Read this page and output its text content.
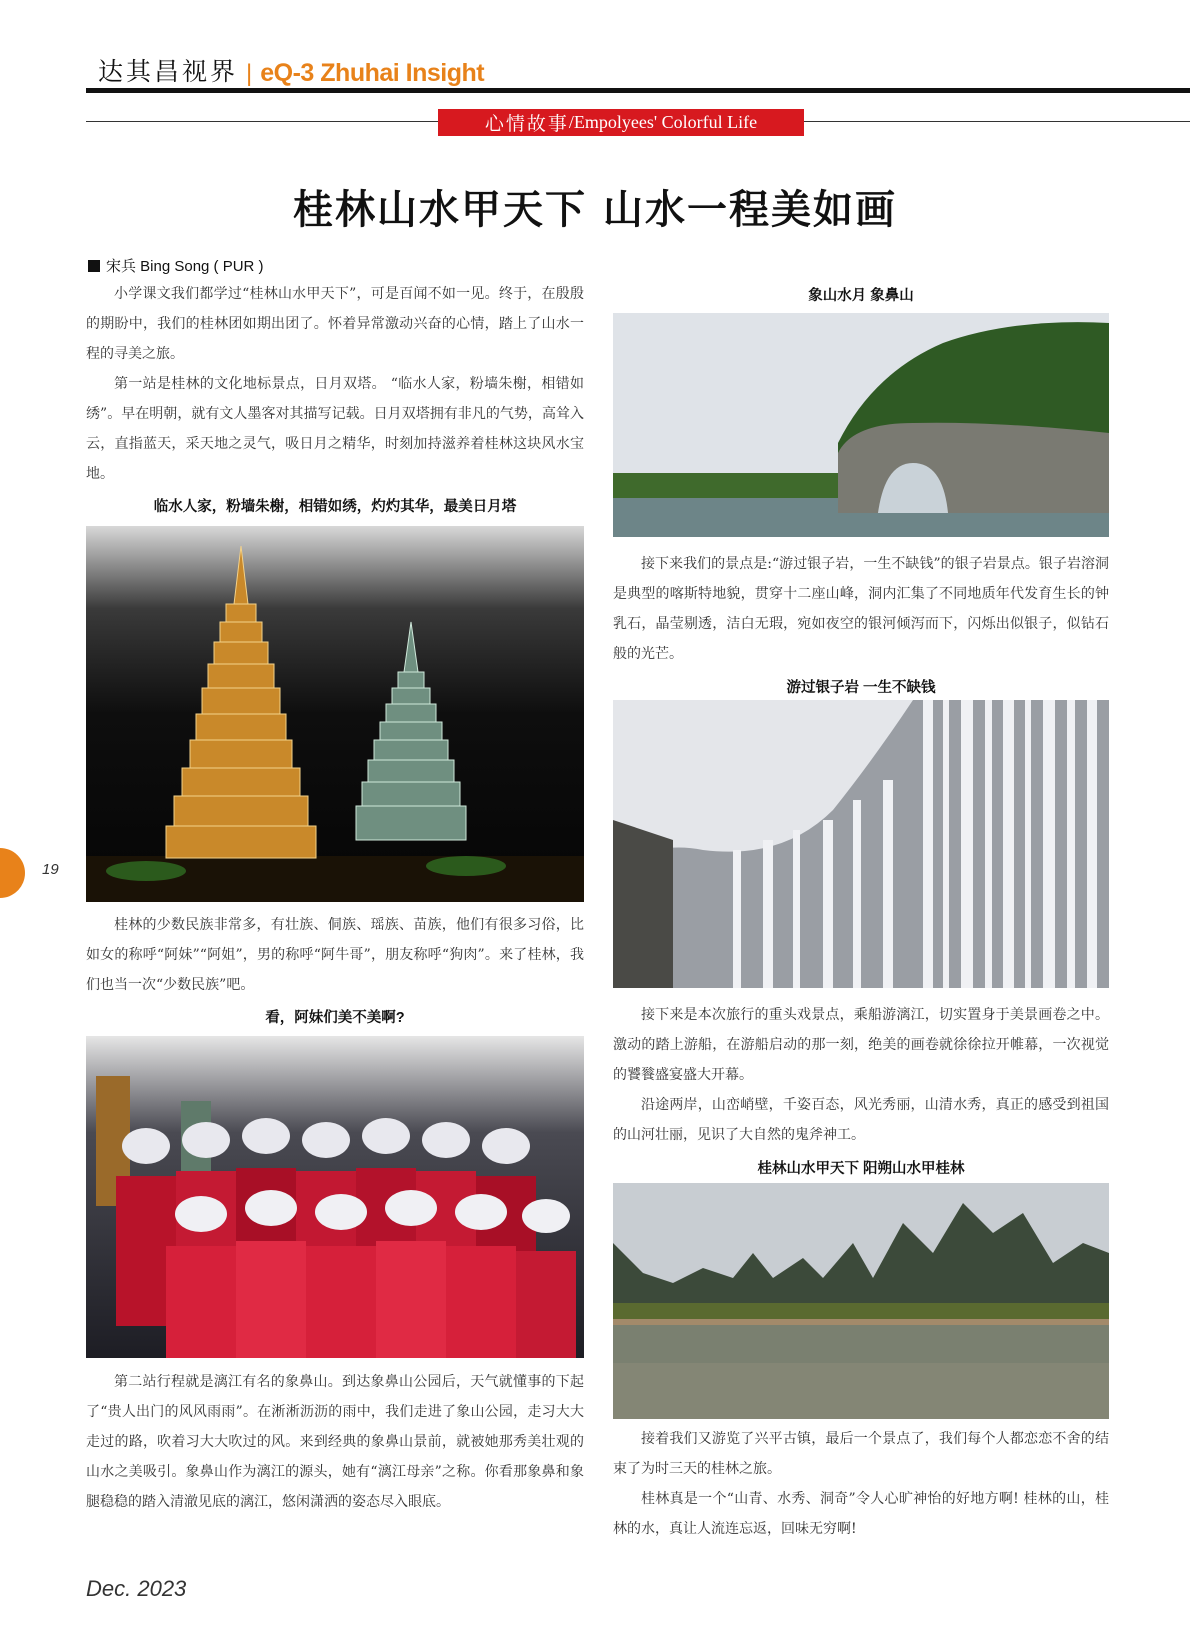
达其昌视界 | eQ-3 Zhuhai Insight
心情故事 /Empolyees' Colorful Life
桂林山水甲天下 山水一程美如画
宋兵 Bing Song ( PUR )

小学课文我们都学过“桂林山水甲天下”，可是百闻不如一见。终于，在殷殷的期盼中，我们的桂林团如期出团了。怀着异常激动兴奋的心情，踏上了山水一程的寻美之旅。

第一站是桂林的文化地标景点，日月双塔。 “临水人家，粉墙朱榭，相错如绣”。早在明朝，就有文人墨客对其描写记载。日月双塔拥有非凡的气势，高耸入云，直指蓝天，采天地之灵气，吸日月之精华，时刻加持滋养着桂林这块风水宝地。

临水人家，粉墙朱榭，相错如绣，灼灼其华，最美日月塔

桂林的少数民族非常多，有壮族、侗族、瑶族、苗族，他们有很多习俗，比如女的称呼“阿妹”“阿姐”，男的称呼“阿牛哥”，朋友称呼“狗肉”。来了桂林，我们也当一次“少数民族”吧。

看，阿妹们美不美啊?

第二站行程就是漓江有名的象鼻山。到达象鼻山公园后，天气就懂事的下起了“贵人出门的风风雨雨”。在淅淅沥沥的雨中，我们走进了象山公园，走习大大走过的路，吹着习大大吹过的风。来到经典的象鼻山景前，就被她那秀美壮观的山水之美吸引。象鼻山作为漓江的源头，她有“漓江母亲”之称。你看那象鼻和象腿稳稳的踏入清澈见底的漓江，悠闲潇洒的姿态尽入眼底。

象山水月 象鼻山

接下来我们的景点是:“游过银子岩，一生不缺钱”的银子岩景点。银子岩溶洞是典型的喀斯特地貌，贯穿十二座山峰，洞内汇集了不同地质年代发育生长的钟乳石，晶莹剔透，洁白无瑕，宛如夜空的银河倾泻而下，闪烁出似银子，似钻石般的光芒。

游过银子岩 一生不缺钱

接下来是本次旅行的重头戏景点，乘船游漓江，切实置身于美景画卷之中。激动的踏上游船，在游船启动的那一刻，绝美的画卷就徐徐拉开帷幕，一次视觉的饕餮盛宴盛大开幕。

沿途两岸，山峦峭壁，千姿百态，风光秀丽，山清水秀，真正的感受到祖国的山河壮丽，见识了大自然的鬼斧神工。

桂林山水甲天下 阳朔山水甲桂林

接着我们又游览了兴平古镇，最后一个景点了，我们每个人都恋恋不舍的结束了为时三天的桂林之旅。

桂林真是一个“山青、水秀、洞奇”令人心旷神怡的好地方啊! 桂林的山，桂林的水，真让人流连忘返，回味无穷啊!

19
Dec. 2023
